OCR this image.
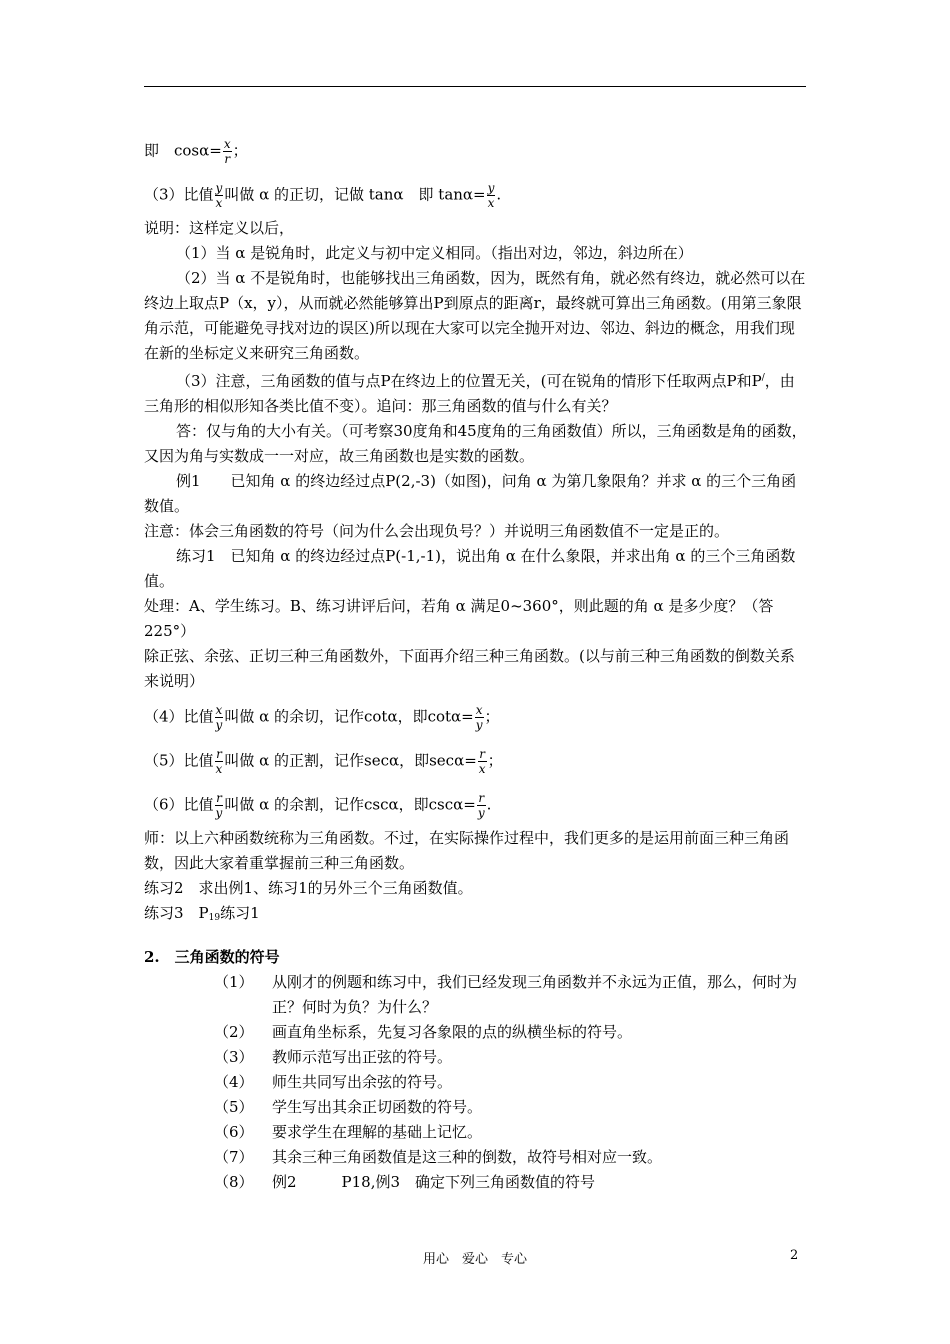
即　$\cos\alpha= \frac{x}{r}$ ；
（3）比值 $\frac{y}{x}$ 叫做 α 的正切，记做 tanα　即 $\tan\alpha= \frac{y}{x}$ .
说明：这样定义以后，
（1）当 α 是锐角时，此定义与初中定义相同。（指出对边，邻边，斜边所在）
（2）当 α 不是锐角时，也能够找出三角函数，因为，既然有角，就必然有终边，就必然可以在终边上取点P（x，y），从而就必然能够算出P到原点的距离r，最终就可算出三角函数。(用第三象限角示范，可能避免寻找对边的误区)所以现在大家可以完全抛开对边、邻边、斜边的概念，用我们现在新的坐标定义来研究三角函数。
（3）注意，三角函数的值与点P在终边上的位置无关，(可在锐角的情形下任取两点P和P/，由三角形的相似形知各类比值不变）。追问：那三角函数的值与什么有关？
答：仅与角的大小有关。（可考察30度角和45度角的三角函数值）所以，三角函数是角的函数，又因为角与实数成一一对应，故三角函数也是实数的函数。
例1　　已知角 α 的终边经过点P(2,-3)（如图)，问角 α 为第几象限角？并求 α 的三个三角函数值。
注意：体会三角函数的符号（问为什么会出现负号？）并说明三角函数值不一定是正的。
练习1　已知角 α 的终边经过点P(-1,-1)，说出角 α 在什么象限，并求出角 α 的三个三角函数值。
处理：A、学生练习。B、练习讲评后问，若角 α 满足0~360°，则此题的角 α 是多少度？（答225°）
除正弦、余弦、正切三种三角函数外，下面再介绍三种三角函数。(以与前三种三角函数的倒数关系来说明）
（4）比值 $\frac{x}{y}$ 叫做 α 的余切，记作cotα，即$\cot\alpha= \frac{x}{y}$ ；
（5）比值 $\frac{r}{x}$ 叫做 α 的正割，记作secα，即$\sec\alpha= \frac{r}{x}$ ；
（6）比值 $\frac{r}{y}$ 叫做 α 的余割，记作cscα，即$\csc\alpha= \frac{r}{y}$ .
师：以上六种函数统称为三角函数。不过，在实际操作过程中，我们更多的是运用前面三种三角函数，因此大家着重掌握前三种三角函数。
练习2　求出例1、练习1的另外三个三角函数值。
练习3　$P_{19}$练习1
2.　三角函数的符号
（1）	从刚才的例题和练习中，我们已经发现三角函数并不永远为正值，那么，何时为正？何时为负？为什么？
（2）	画直角坐标系，先复习各象限的点的纵横坐标的符号。
（3）	教师示范写出正弦的符号。
（4）	师生共同写出余弦的符号。
（5）	学生写出其余正切函数的符号。
（6）	要求学生在理解的基础上记忆。
（7）	其余三种三角函数值是这三种的倒数，故符号相对应一致。
（8）	例2　　　P18,例3　确定下列三角函数值的符号
用心　爱心　专心	2
